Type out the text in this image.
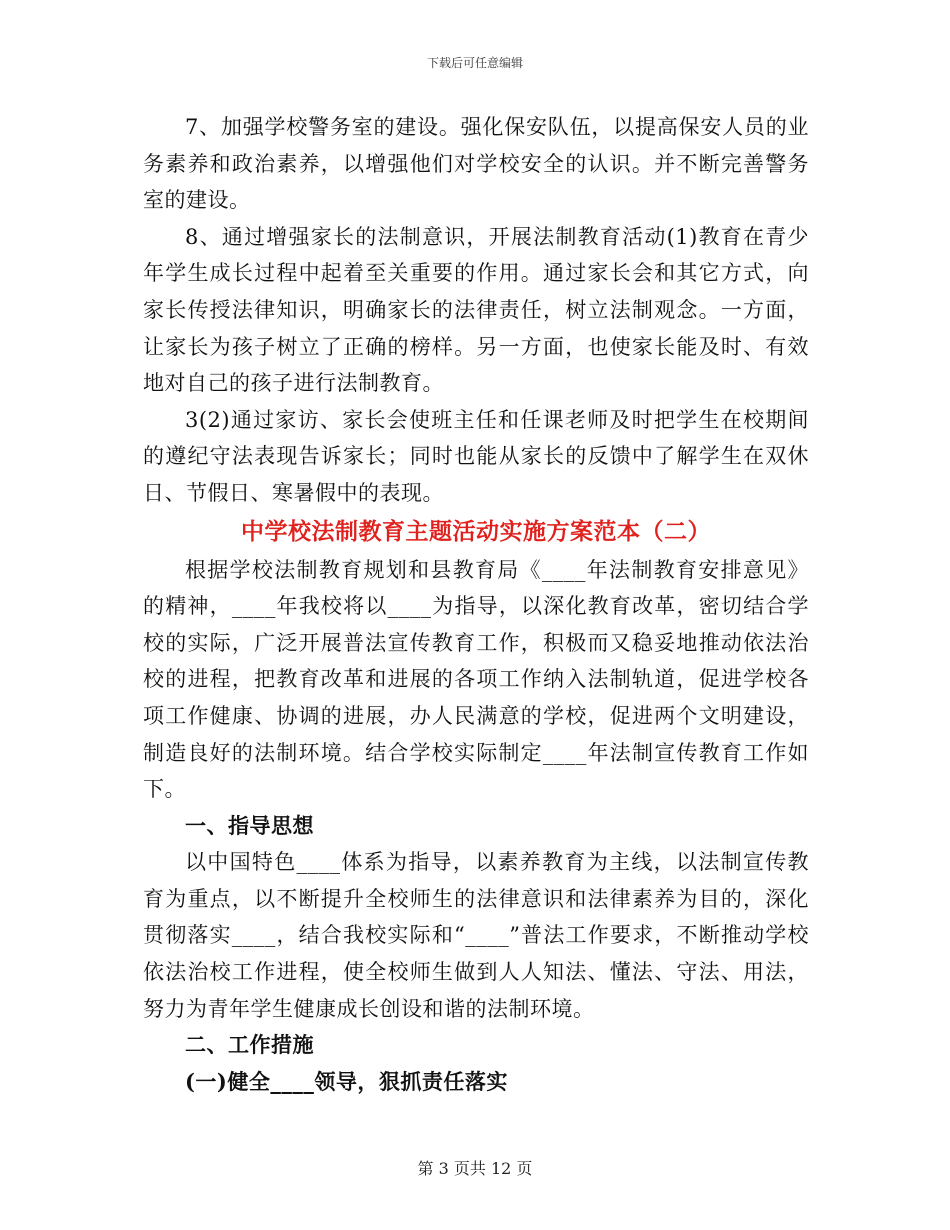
下载后可任意编辑

7、加强学校警务室的建设。强化保安队伍，以提高保安人员的业务素养和政治素养，以增强他们对学校安全的认识。并不断完善警务室的建设。

8、通过增强家长的法制意识，开展法制教育活动(1)教育在青少年学生成长过程中起着至关重要的作用。通过家长会和其它方式，向家长传授法律知识，明确家长的法律责任，树立法制观念。一方面，让家长为孩子树立了正确的榜样。另一方面，也使家长能及时、有效地对自己的孩子进行法制教育。

3(2)通过家访、家长会使班主任和任课老师及时把学生在校期间的遵纪守法表现告诉家长；同时也能从家长的反馈中了解学生在双休日、节假日、寒暑假中的表现。

中学校法制教育主题活动实施方案范本（二）

根据学校法制教育规划和县教育局《____年法制教育安排意见》的精神，____年我校将以____为指导，以深化教育改革，密切结合学校的实际，广泛开展普法宣传教育工作，积极而又稳妥地推动依法治校的进程，把教育改革和进展的各项工作纳入法制轨道，促进学校各项工作健康、协调的进展，办人民满意的学校，促进两个文明建设，制造良好的法制环境。结合学校实际制定____年法制宣传教育工作如下。

一、指导思想

以中国特色____体系为指导，以素养教育为主线，以法制宣传教育为重点，以不断提升全校师生的法律意识和法律素养为目的，深化贯彻落实____，结合我校实际和“____”普法工作要求，不断推动学校依法治校工作进程，使全校师生做到人人知法、懂法、守法、用法，努力为青年学生健康成长创设和谐的法制环境。

二、工作措施

(一)健全____领导，狠抓责任落实

第 3 页共 12 页
